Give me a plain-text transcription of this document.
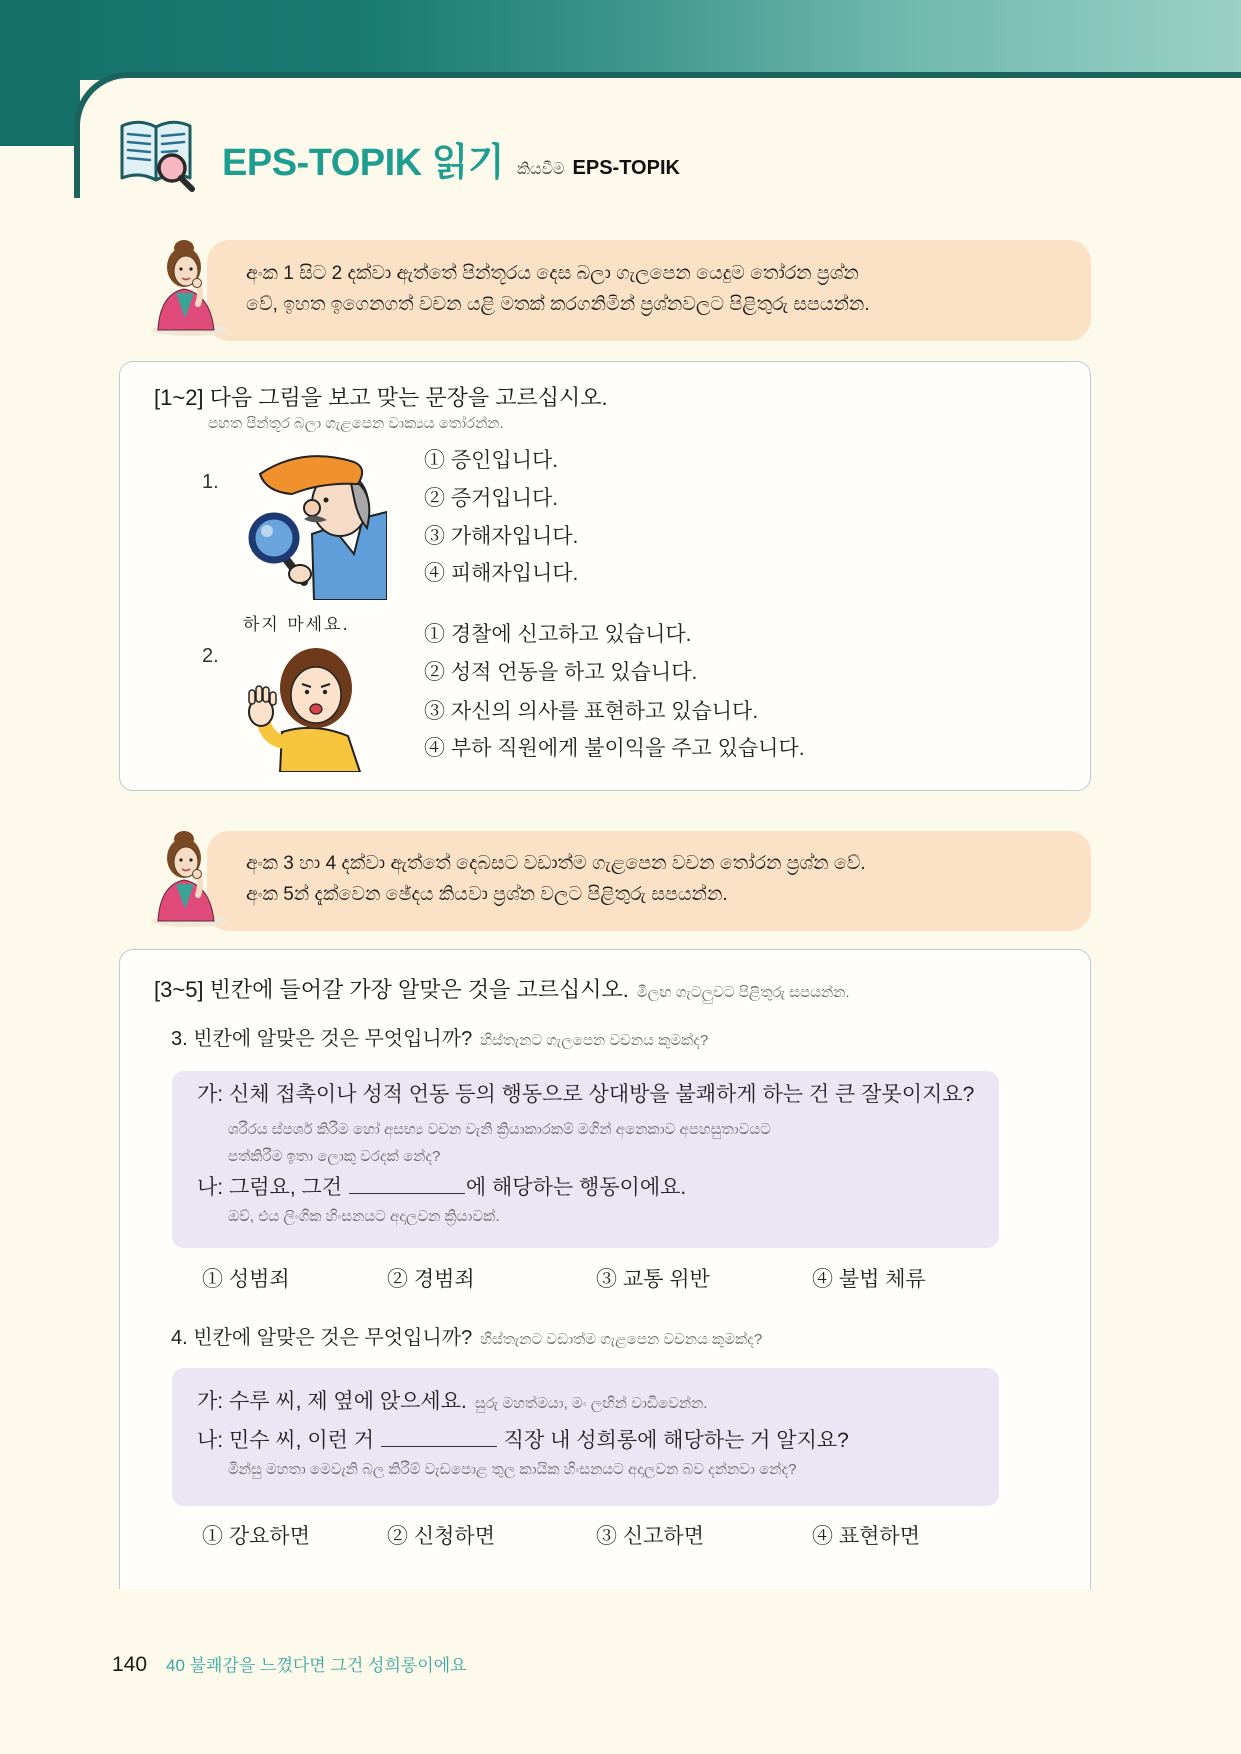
EPS-TOPIK 읽기 කියවීම EPS-TOPIK
අංක 1 සිට 2 දක්වා ඇත්තේ පින්තූරය දෙස බලා ගැලපෙන යෙදුම තෝරන ප්‍රශ්න
වේ, ඉහත ඉගෙනගත් වචන යළි මතක් කරගනිමින් ප්‍රශ්නවලට පිළිතුරු සපයන්න.
[1~2] 다음 그림을 보고 맞는 문장을 고르십시오.
පහත පින්තූර බලා ගැළපෙන වාක්‍යය තෝරන්න.
1.
① 증인입니다.
② 증거입니다.
③ 가해자입니다.
④ 피해자입니다.
2.
하지 마세요.	① 경찰에 신고하고 있습니다.
② 성적 언동을 하고 있습니다.
③ 자신의 의사를 표현하고 있습니다.
④ 부하 직원에게 불이익을 주고 있습니다.
අංක 3 හා 4 දක්වා ඇත්තේ දෙබසට වඩාත්ම ගැළපෙන වචන තෝරන ප්‍රශ්න වේ.
අංක 5න් දැක්වෙන ඡේදය කියවා ප්‍රශ්න වලට පිළිතුරු සපයන්න.
[3~5] 빈칸에 들어갈 가장 알맞은 것을 고르십시오. මීලඟ ගැටලුවට පිළිතුරු සපයන්න.
3. 빈칸에 알맞은 것은 무엇입니까? හිස්තැනට ගැලපෙන වචනය කුමක්ද?
가: 신체 접촉이나 성적 언동 등의 행동으로 상대방을 불쾌하게 하는 건 큰 잘못이지요?
ශරීරය ස්පර්ශ කිරීම හෝ අසභ්‍ය වචන වැනි ක්‍රියාකාරකම් මගින් අනෙකාව අපහසුතාවයට
පත්කිරීම ඉතා ලොකු වරදක් නේද?
나: 그럼요, 그건	에 해당하는 행동이에요.
ඔව්, එය ලිංගික හිංසනයට අදාලවන ක්‍රියාවක්.
① 성범죄	② 경범죄	③ 교통 위반	④ 불법 체류
4. 빈칸에 알맞은 것은 무엇입니까? හිස්තැනට වඩාත්ම ගැළපෙන වචනය කුමක්ද?
가: 수루 씨, 제 옆에 앉으세요. සුරු මහත්මයා, මං ලඟින් වාඩිවෙන්න.
나: 민수 씨, 이런 거	직장 내 성희롱에 해당하는 거 알지요?
මින්සු මහතා මෙවැනි බල කිරීම් වැඩපොළ තුල කායික හිංසනයට අදාලවන බව දන්නවා නේද?
① 강요하면	② 신청하면	③ 신고하면	④ 표현하면
140 40 불쾌감을 느꼈다면 그건 성희롱이에요
